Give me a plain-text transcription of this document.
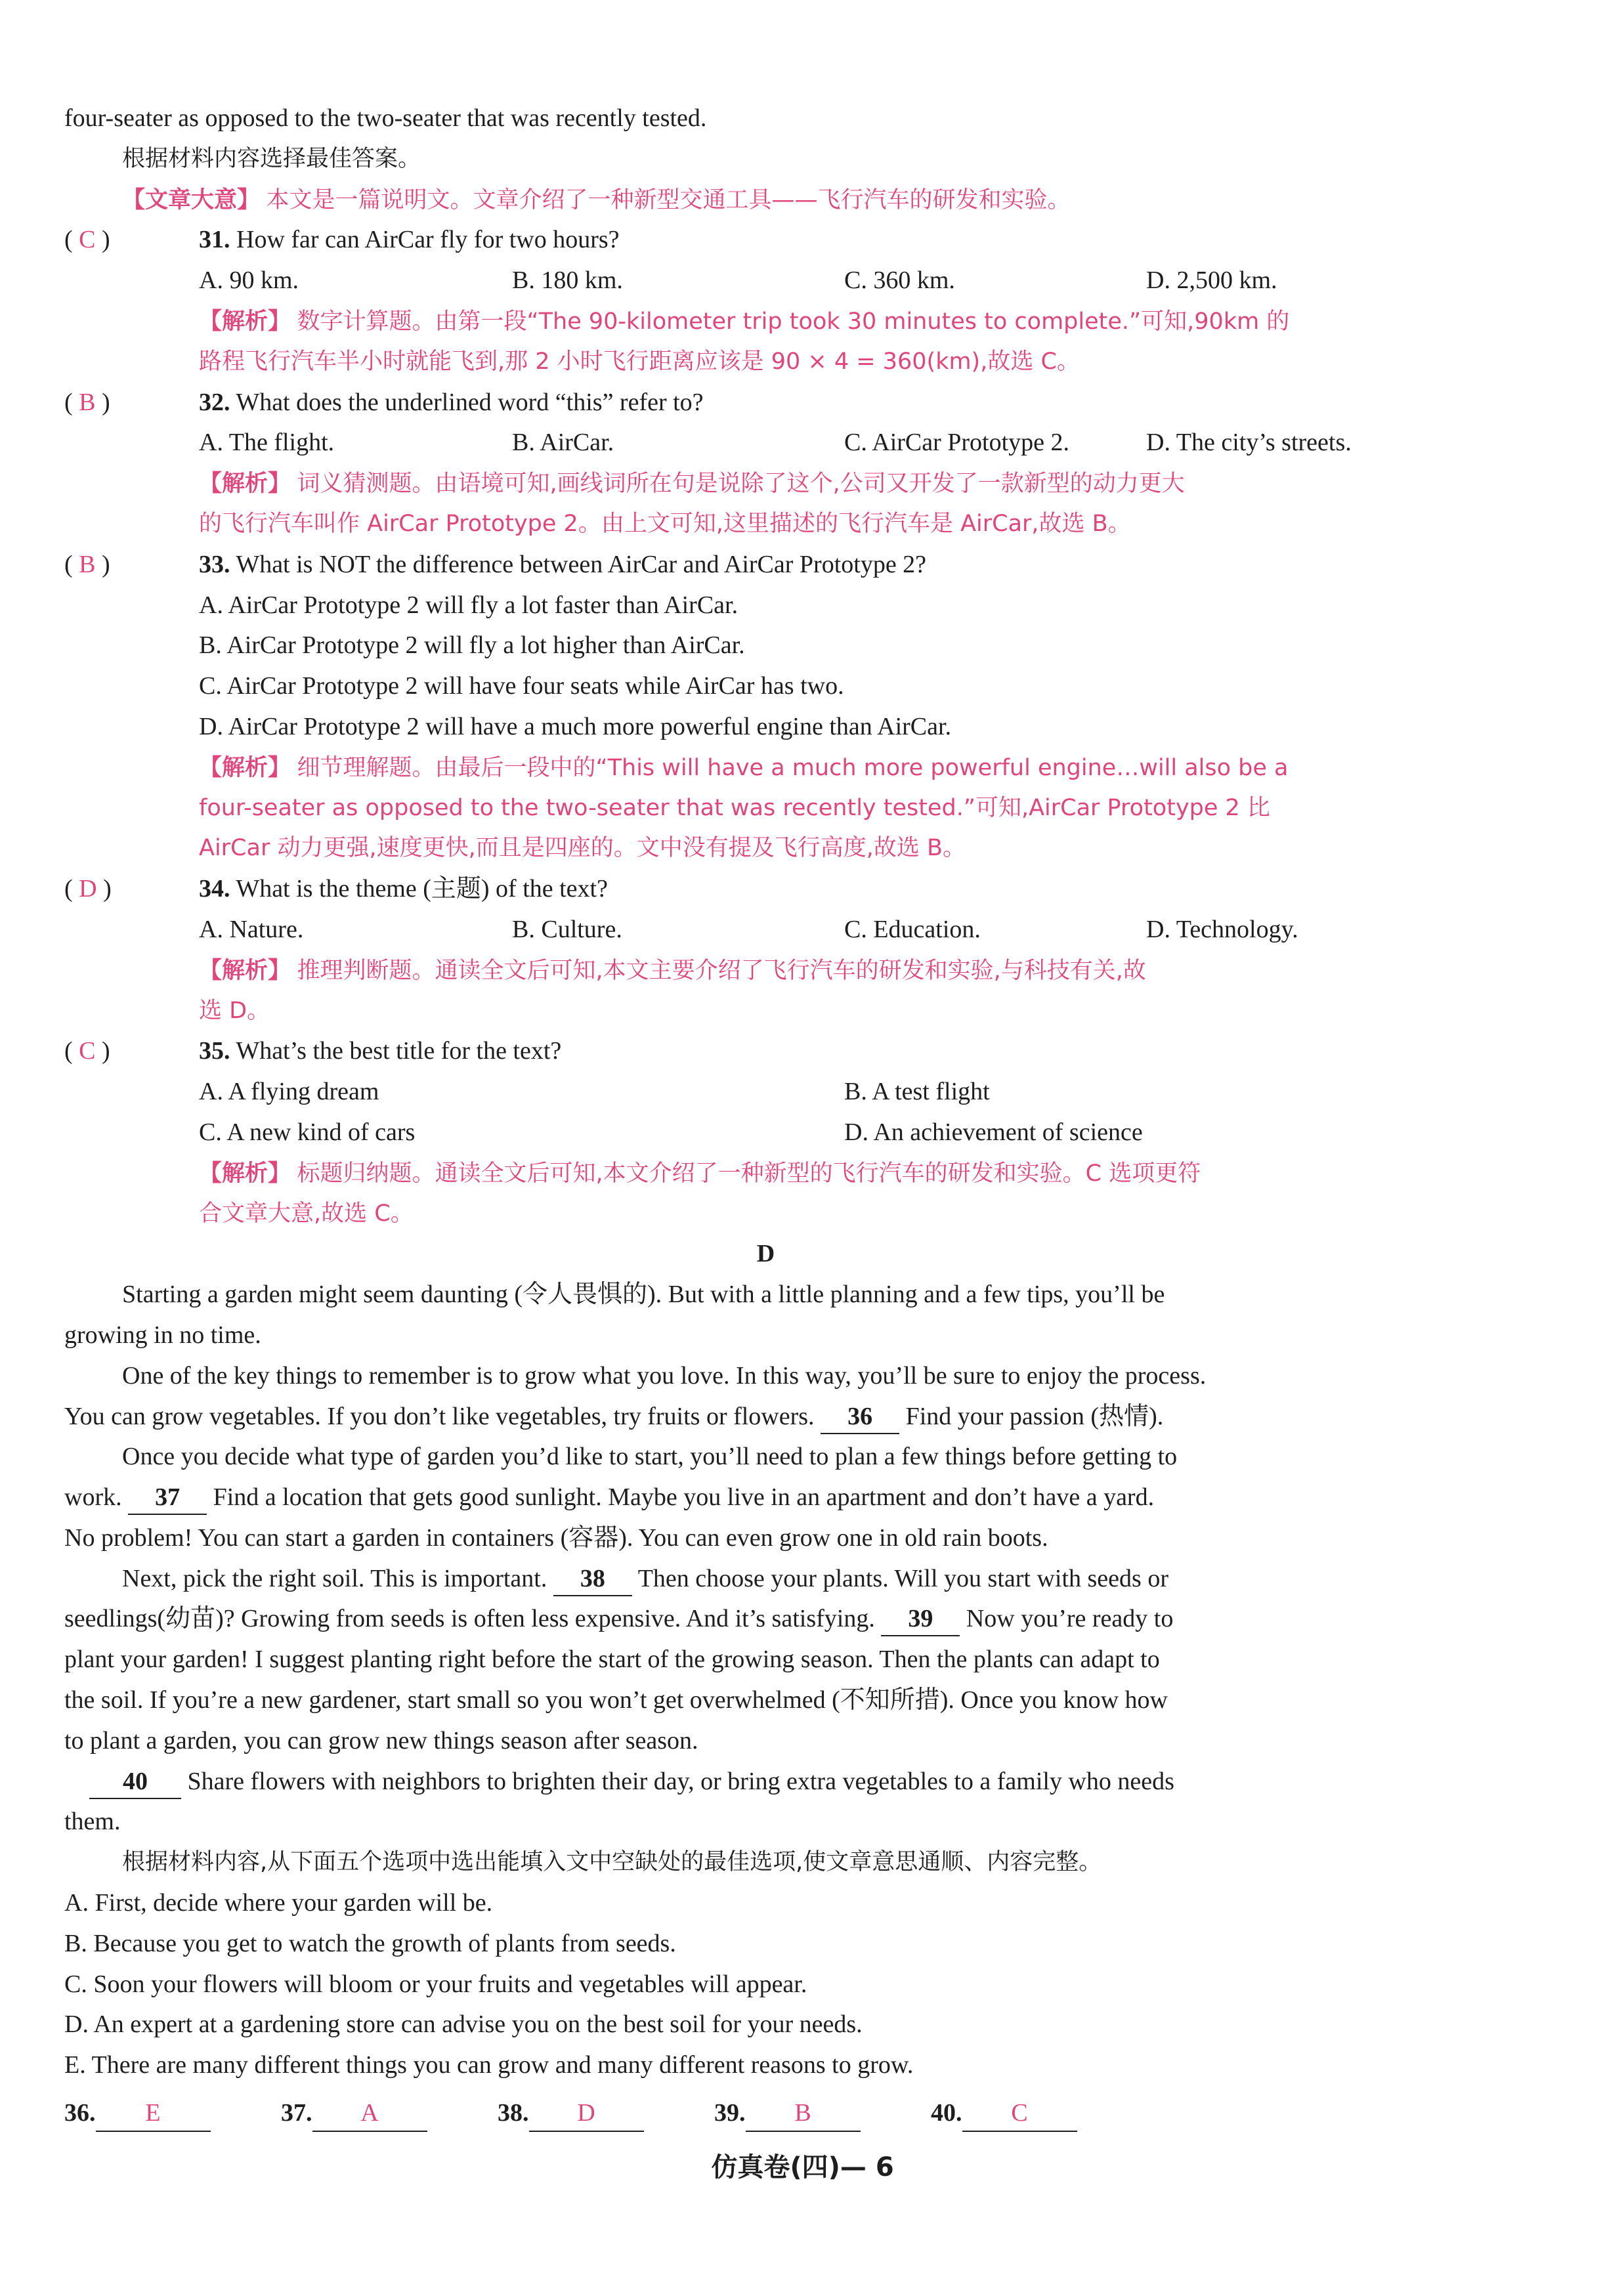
four-seater as opposed to the two-seater that was recently tested.
根据材料内容选择最佳答案。
【文章大意】 本文是一篇说明文。文章介绍了一种新型交通工具——飞行汽车的研发和实验。
( C )	31. How far can AirCar fly for two hours?
A. 90 km.	B. 180 km.	C. 360 km.	D. 2,500 km.
【解析】 数字计算题。由第一段“The 90-kilometer trip took 30 minutes to complete.”可知,90km 的
路程飞行汽车半小时就能飞到,那 2 小时飞行距离应该是 90 × 4 = 360(km),故选 C。
( B )	32. What does the underlined word “this” refer to?
A. The flight.	B. AirCar.	C. AirCar Prototype 2.	D. The city’s streets.
【解析】 词义猜测题。由语境可知,画线词所在句是说除了这个,公司又开发了一款新型的动力更大
的飞行汽车叫作 AirCar Prototype 2。由上文可知,这里描述的飞行汽车是 AirCar,故选 B。
( B )	33. What is NOT the difference between AirCar and AirCar Prototype 2?
A. AirCar Prototype 2 will fly a lot faster than AirCar.
B. AirCar Prototype 2 will fly a lot higher than AirCar.
C. AirCar Prototype 2 will have four seats while AirCar has two.
D. AirCar Prototype 2 will have a much more powerful engine than AirCar.
【解析】 细节理解题。由最后一段中的“This will have a much more powerful engine…will also be a
four-seater as opposed to the two-seater that was recently tested.”可知,AirCar Prototype 2 比
AirCar 动力更强,速度更快,而且是四座的。文中没有提及飞行高度,故选 B。
( D )	34. What is the theme (主题) of the text?
A. Nature.	B. Culture.	C. Education.	D. Technology.
【解析】 推理判断题。通读全文后可知,本文主要介绍了飞行汽车的研发和实验,与科技有关,故
选 D。
( C )	35. What’s the best title for the text?
A. A flying dream	B. A test flight
C. A new kind of cars	D. An achievement of science
【解析】 标题归纳题。通读全文后可知,本文介绍了一种新型的飞行汽车的研发和实验。C 选项更符
合文章大意,故选 C。
D
Starting a garden might seem daunting (令人畏惧的). But with a little planning and a few tips, you’ll be
growing in no time.
One of the key things to remember is to grow what you love. In this way, you’ll be sure to enjoy the process.
You can grow vegetables. If you don’t like vegetables, try fruits or flowers. 36 Find your passion (热情).
Once you decide what type of garden you’d like to start, you’ll need to plan a few things before getting to
work. 37 Find a location that gets good sunlight. Maybe you live in an apartment and don’t have a yard.
No problem! You can start a garden in containers (容器). You can even grow one in old rain boots.
Next, pick the right soil. This is important. 38 Then choose your plants. Will you start with seeds or
seedlings(幼苗)? Growing from seeds is often less expensive. And it’s satisfying. 39 Now you’re ready to
plant your garden! I suggest planting right before the start of the growing season. Then the plants can adapt to
the soil. If you’re a new gardener, start small so you won’t get overwhelmed (不知所措). Once you know how
to plant a garden, you can grow new things season after season.
40 Share flowers with neighbors to brighten their day, or bring extra vegetables to a family who needs
them.
根据材料内容,从下面五个选项中选出能填入文中空缺处的最佳选项,使文章意思通顺、内容完整。
A. First, decide where your garden will be.
B. Because you get to watch the growth of plants from seeds.
C. Soon your flowers will bloom or your fruits and vegetables will appear.
D. An expert at a gardening store can advise you on the best soil for your needs.
E. There are many different things you can grow and many different reasons to grow.
36. E	37. A	38. D	39. B	40. C
仿真卷(四)— 6
